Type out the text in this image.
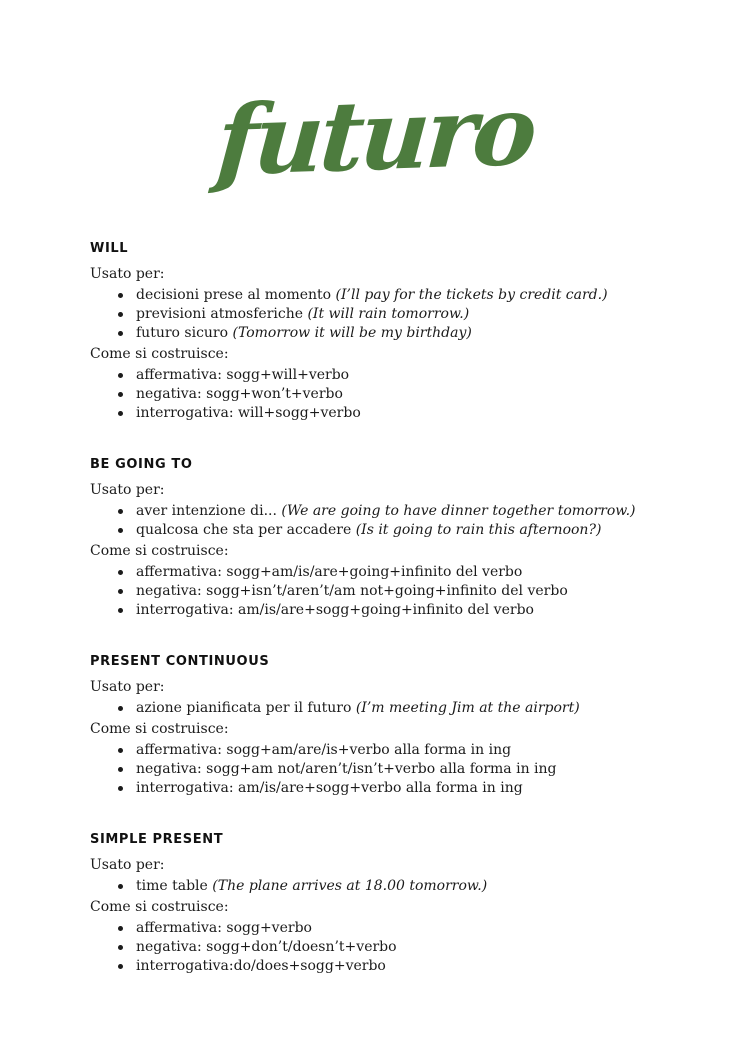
futuro
WILL

Usato per:

decisioni prese al momento (I’ll pay for the tickets by credit card.)
previsioni atmosferiche (It will rain tomorrow.)
futuro sicuro (Tomorrow it will be my birthday)

Come si costruisce:

affermativa: sogg+will+verbo
negativa: sogg+won’t+verbo
interrogativa: will+sogg+verbo
BE GOING TO

Usato per:

aver intenzione di... (We are going to have dinner together tomorrow.)
qualcosa che sta per accadere (Is it going to rain this afternoon?)

Come si costruisce:

affermativa: sogg+am/is/are+going+infinito del verbo
negativa: sogg+isn’t/aren’t/am not+going+infinito del verbo
interrogativa: am/is/are+sogg+going+infinito del verbo
PRESENT CONTINUOUS

Usato per:

azione pianificata per il futuro (I’m meeting Jim at the airport)

Come si costruisce:

affermativa: sogg+am/are/is+verbo alla forma in ing
negativa: sogg+am not/aren’t/isn’t+verbo alla forma in ing
interrogativa: am/is/are+sogg+verbo alla forma in ing
SIMPLE PRESENT

Usato per:

time table (The plane arrives at 18.00 tomorrow.)

Come si costruisce:

affermativa: sogg+verbo
negativa: sogg+don’t/doesn’t+verbo
interrogativa:do/does+sogg+verbo
